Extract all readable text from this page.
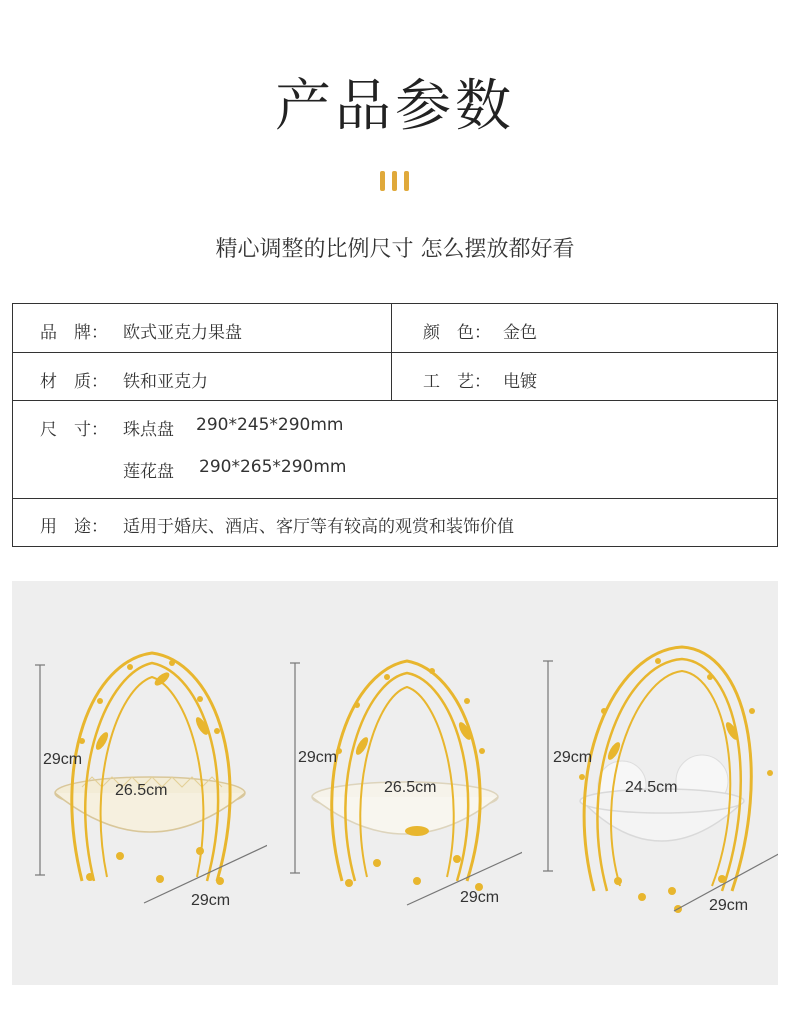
产品参数
精心调整的比例尺寸 怎么摆放都好看
品　牌： 欧式亚克力果盘	颜　色： 金色
材　质： 铁和亚克力	工　艺： 电镀
尺　寸： 珠点盘 290*245*290mm
莲花盘 290*265*290mm
用　途： 适用于婚庆、酒店、客厅等有较高的观赏和装饰价值
29cm
26.5cm
29cm
29cm
26.5cm
29cm
29cm
24.5cm
29cm
